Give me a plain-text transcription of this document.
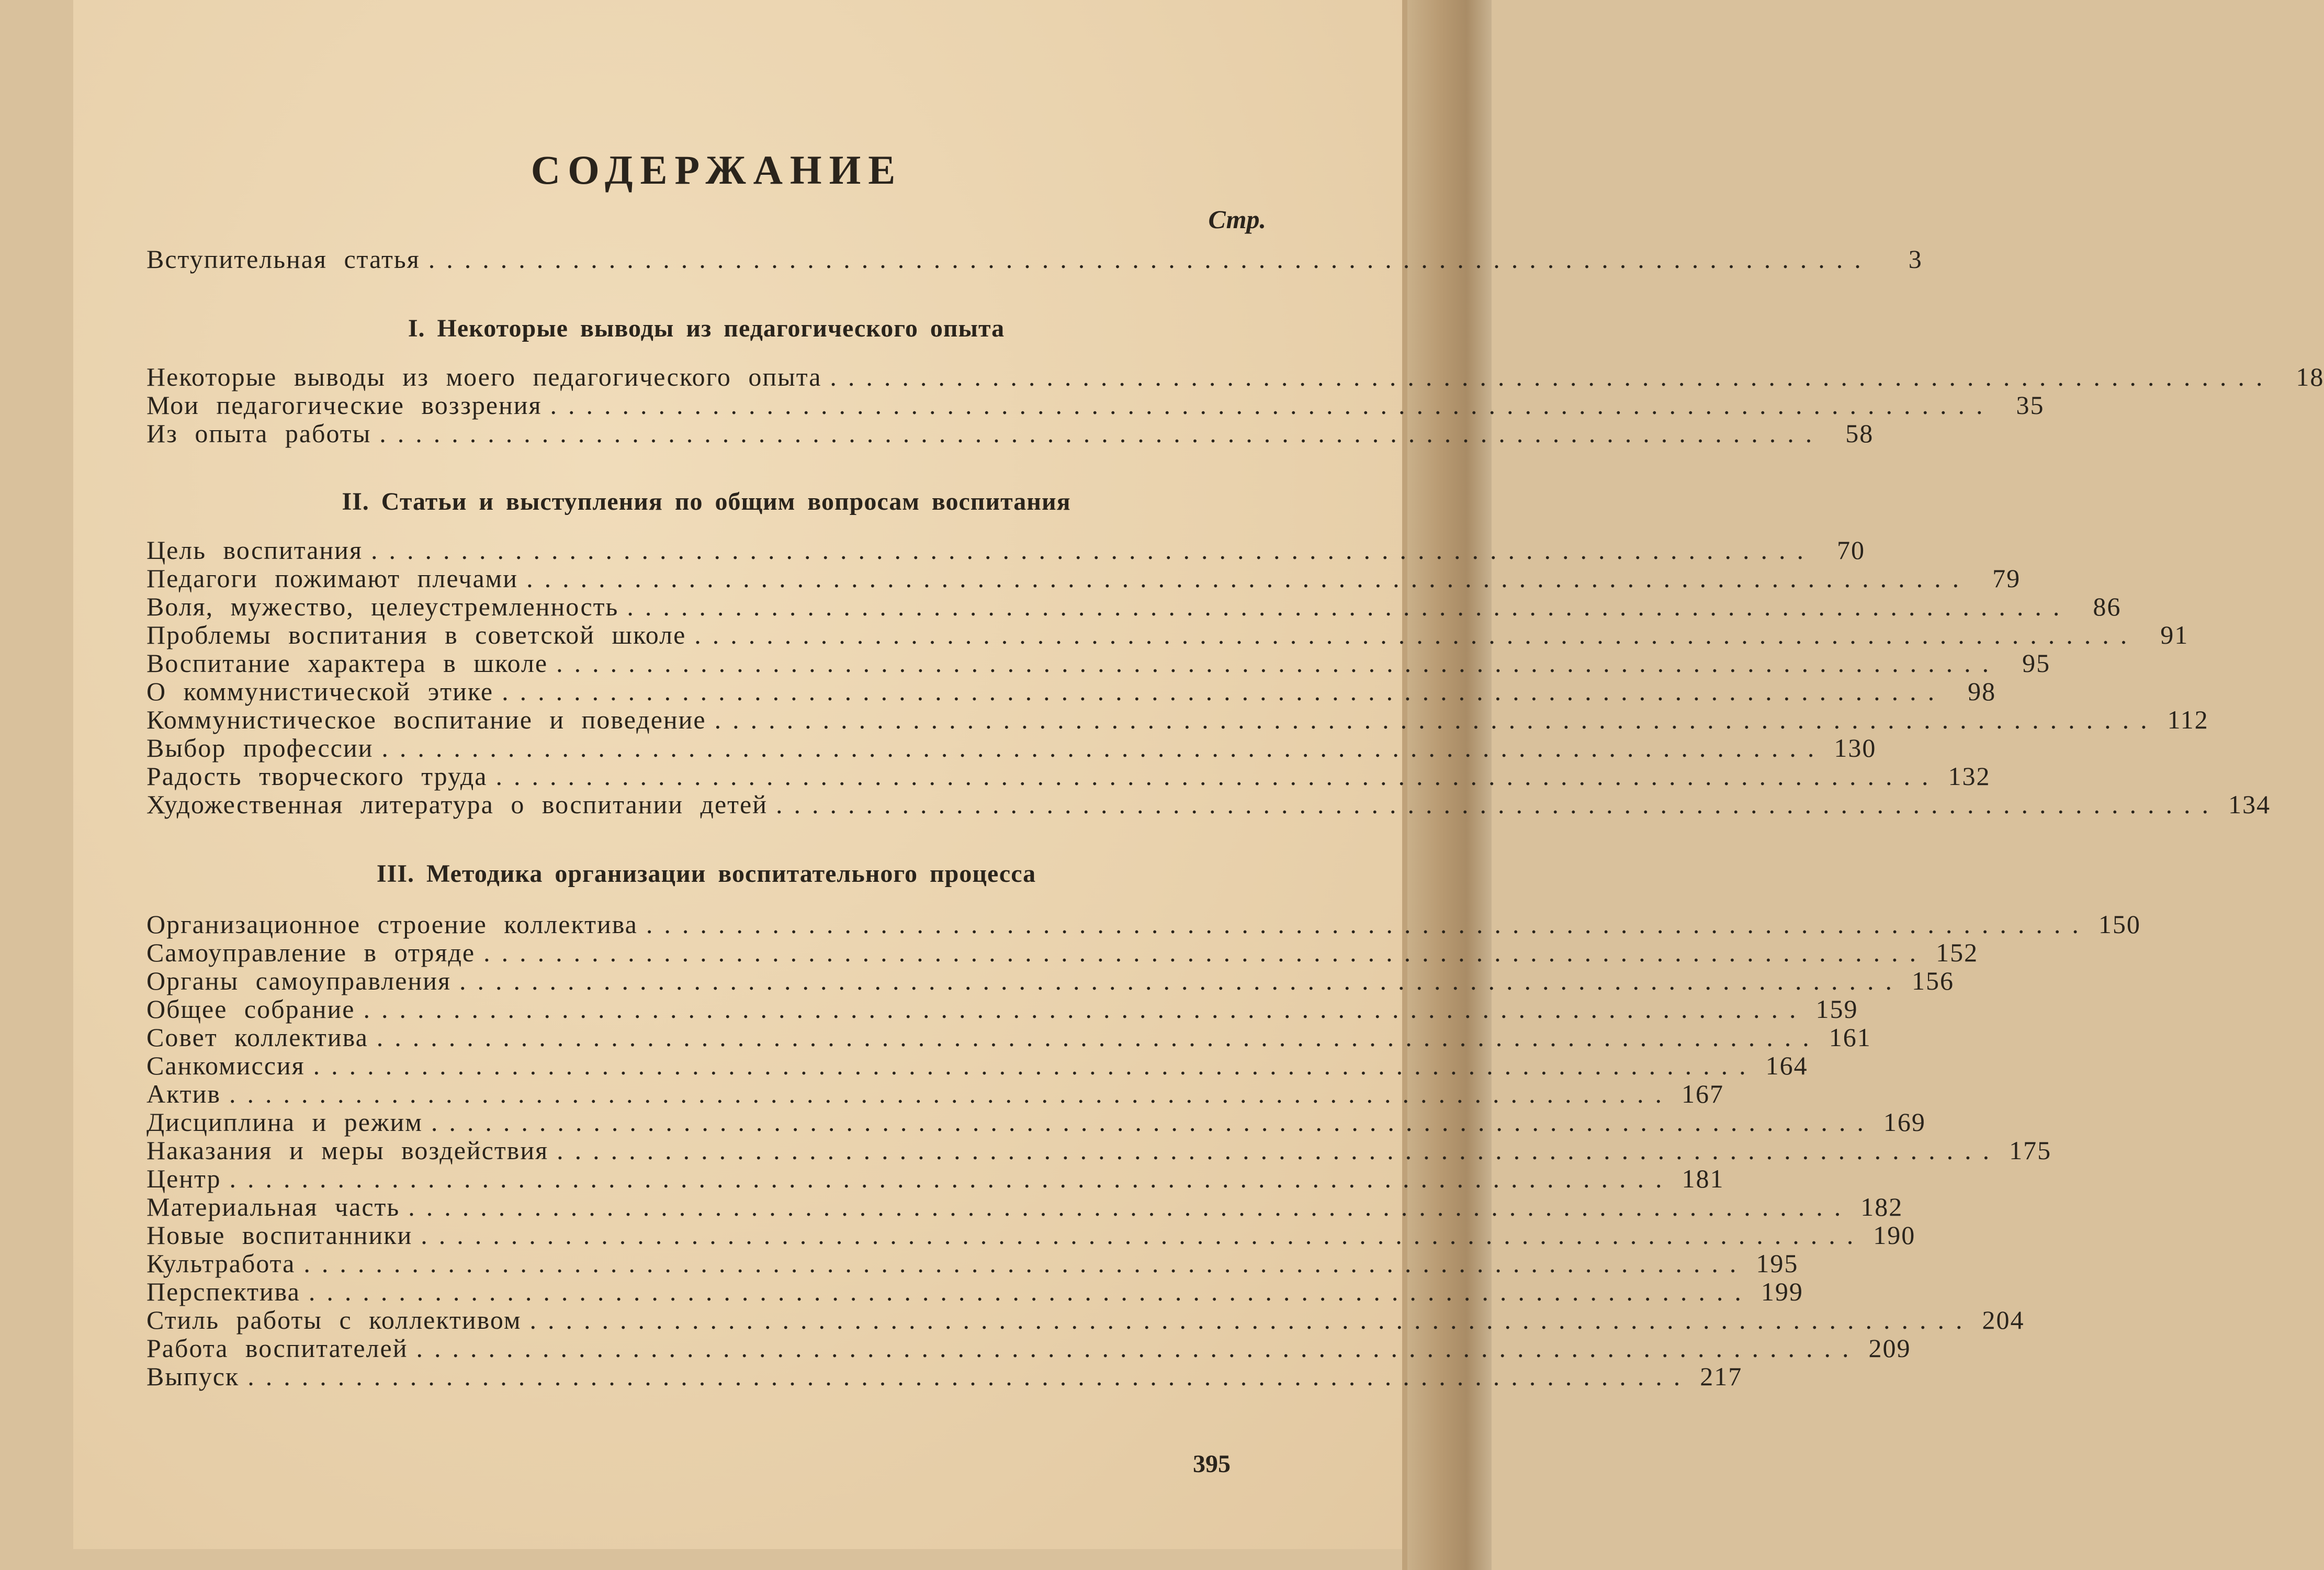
СОДЕРЖАНИЕ
Стр.
Вступительная статья ................................................................................	3
I. Некоторые выводы из педагогического опыта
Некоторые выводы из моего педагогического опыта ................................................................................ 18
Мои педагогические воззрения ................................................................................ 35
Из опыта работы ................................................................................ 58
II. Статьи и выступления по общим вопросам воспитания
Цель воспитания ................................................................................ 70
Педагоги пожимают плечами ................................................................................ 79
Воля, мужество, целеустремленность ................................................................................ 86
Проблемы воспитания в советской школе ................................................................................ 91
Воспитание характера в школе ................................................................................ 95
О коммунистической этике ................................................................................ 98
Коммунистическое воспитание и поведение ................................................................................ 112
Выбор профессии ................................................................................ 130
Радость творческого труда ................................................................................ 132
Художественная литература о воспитании детей ................................................................................ 134
III. Методика организации воспитательного процесса
Организационное строение коллектива ................................................................................ 150
Самоуправление в отряде ................................................................................ 152
Органы самоуправления ................................................................................ 156
Общее собрание ................................................................................ 159
Совет коллектива ................................................................................ 161
Санкомиссия ................................................................................ 164
Актив ................................................................................ 167
Дисциплина и режим ................................................................................ 169
Наказания и меры воздействия ................................................................................ 175
Центр ................................................................................ 181
Материальная часть ................................................................................ 182
Новые воспитанники ................................................................................ 190
Культработа ................................................................................ 195
Перспектива ................................................................................ 199
Стиль работы с коллективом ................................................................................ 204
Работа воспитателей ................................................................................ 209
Выпуск ................................................................................ 217
395
